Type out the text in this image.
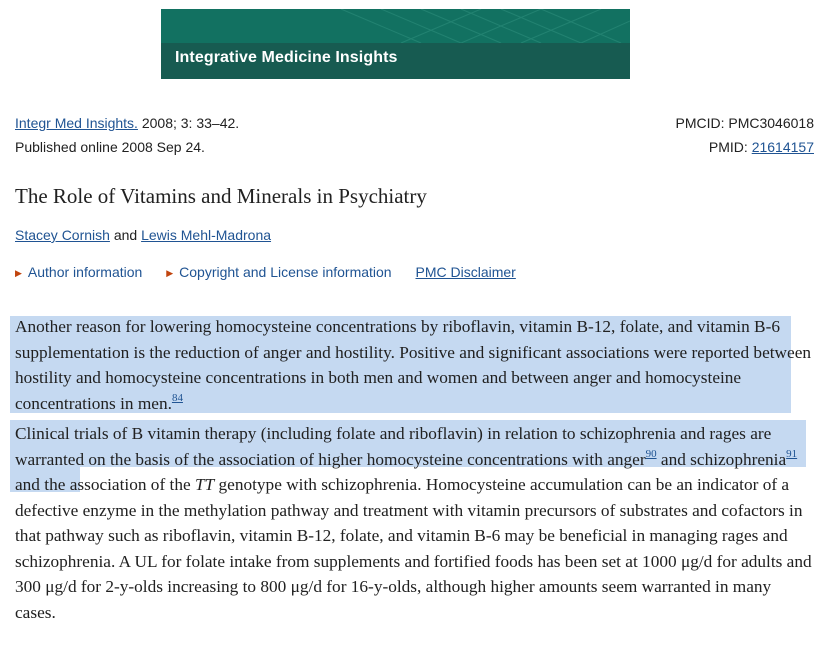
Integrative Medicine Insights
Integr Med Insights. 2008; 3: 33–42.
Published online 2008 Sep 24.
PMCID: PMC3046018
PMID: 21614157
The Role of Vitamins and Minerals in Psychiatry
Stacey Cornish and Lewis Mehl-Madrona
▶ Author information	▶ Copyright and License information PMC Disclaimer

Another reason for lowering homocysteine concentrations by riboflavin, vitamin B-12, folate, and vitamin B-6 supplementation is the reduction of anger and hostility. Positive and significant associations were reported between hostility and homocysteine concentrations in both men and women and between anger and homocysteine concentrations in men.$^{84}$

Clinical trials of B vitamin therapy (including folate and riboflavin) in relation to schizophrenia and rages are warranted on the basis of the association of higher homocysteine concentrations with anger$^{90}$ and schizophrenia$^{91}$ and the association of the TT genotype with schizophrenia. Homocysteine accumulation can be an indicator of a defective enzyme in the methylation pathway and treatment with vitamin precursors of substrates and cofactors in that pathway such as riboflavin, vitamin B-12, folate, and vitamin B-6 may be beneficial in managing rages and schizophrenia. A UL for folate intake from supplements and fortified foods has been set at 1000 μg/d for adults and 300 μg/d for 2-y-olds increasing to 800 μg/d for 16-y-olds, although higher amounts seem warranted in many cases.
